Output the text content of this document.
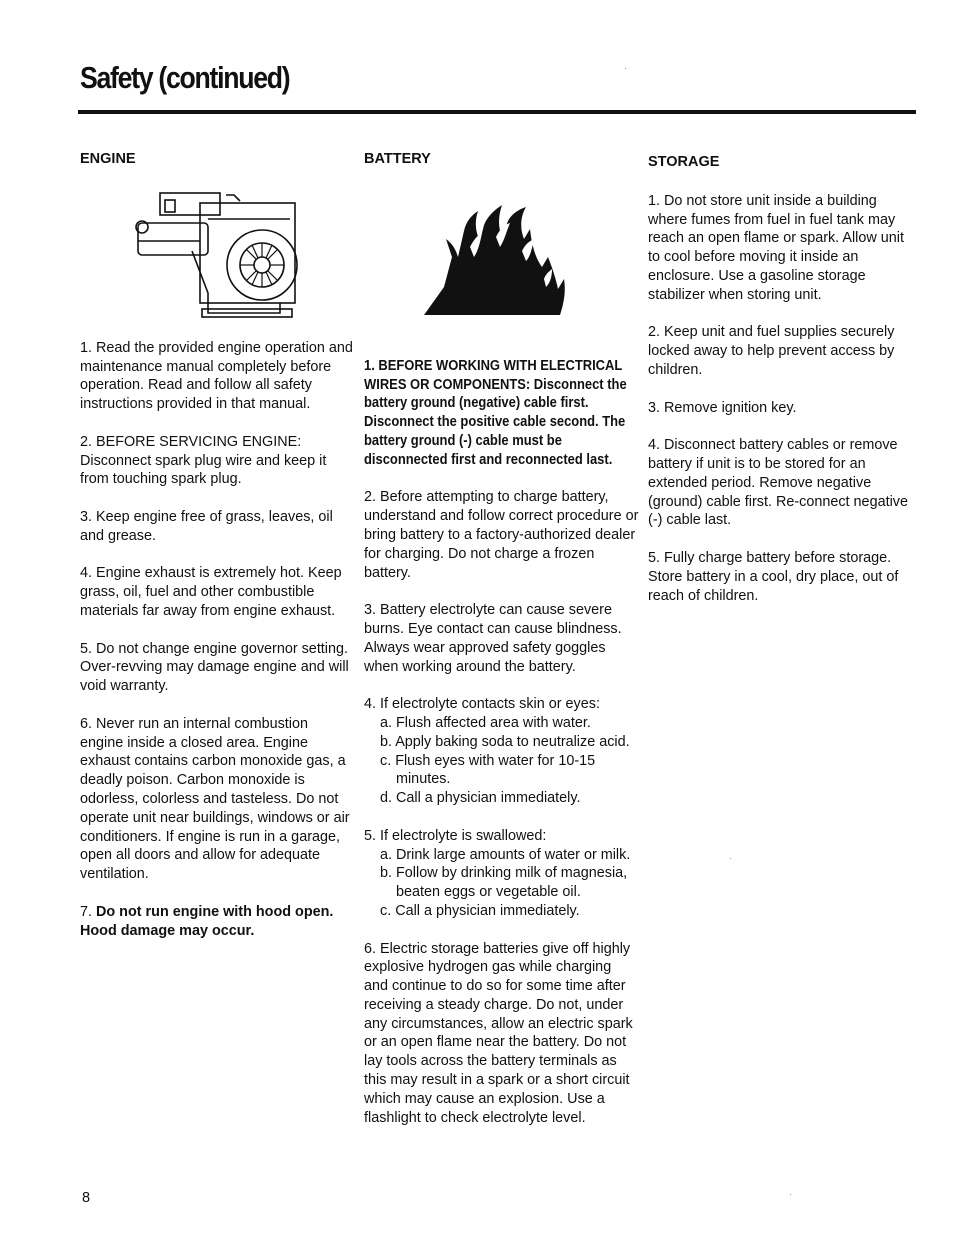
Safety (continued)
ENGINE

1. Read the provided engine operation and maintenance manual completely before operation. Read and follow all safety instructions provided in that manual.

2. BEFORE SERVICING ENGINE: Disconnect spark plug wire and keep it from touching spark plug.

3. Keep engine free of grass, leaves, oil and grease.

4. Engine exhaust is extremely hot. Keep grass, oil, fuel and other combustible materials far away from engine exhaust.

5. Do not change engine governor setting. Over-revving may damage engine and will void warranty.

6. Never run an internal combustion engine inside a closed area. Engine exhaust contains carbon monoxide gas, a deadly poison. Carbon monoxide is odorless, colorless and tasteless. Do not operate unit near buildings, windows or air conditioners. If engine is run in a garage, open all doors and allow for adequate ventilation.

7. Do not run engine with hood open. Hood damage may occur.

BATTERY

1. BEFORE WORKING WITH ELECTRICAL WIRES OR COMPONENTS: Disconnect the battery ground (negative) cable first. Disconnect the positive cable second. The battery ground (-) cable must be disconnected first and reconnected last.

2. Before attempting to charge battery, understand and follow correct procedure or bring battery to a factory-authorized dealer for charging. Do not charge a frozen battery.

3. Battery electrolyte can cause severe burns. Eye contact can cause blindness. Always wear approved safety goggles when working around the battery.

4. If electrolyte contacts skin or eyes:
a. Flush affected area with water.
b. Apply baking soda to neutralize acid.
c. Flush eyes with water for 10-15 minutes.
d. Call a physician immediately.
5. If electrolyte is swallowed:
a. Drink large amounts of water or milk.
b. Follow by drinking milk of magnesia, beaten eggs or vegetable oil.
c. Call a physician immediately.

6. Electric storage batteries give off highly explosive hydrogen gas while charging and continue to do so for some time after receiving a steady charge. Do not, under any circumstances, allow an electric spark or an open flame near the battery. Do not lay tools across the battery terminals as this may result in a spark or a short circuit which may cause an explosion. Use a flashlight to check electrolyte level.

STORAGE

1. Do not store unit inside a building where fumes from fuel in fuel tank may reach an open flame or spark. Allow unit to cool before moving it inside an enclosure. Use a gasoline storage stabilizer when storing unit.

2. Keep unit and fuel supplies securely locked away to help prevent access by children.

3. Remove ignition key.

4. Disconnect battery cables or remove battery if unit is to be stored for an extended period. Remove negative (ground) cable first. Re-connect negative (-) cable last.

5. Fully charge battery before storage. Store battery in a cool, dry place, out of reach of children.

8
